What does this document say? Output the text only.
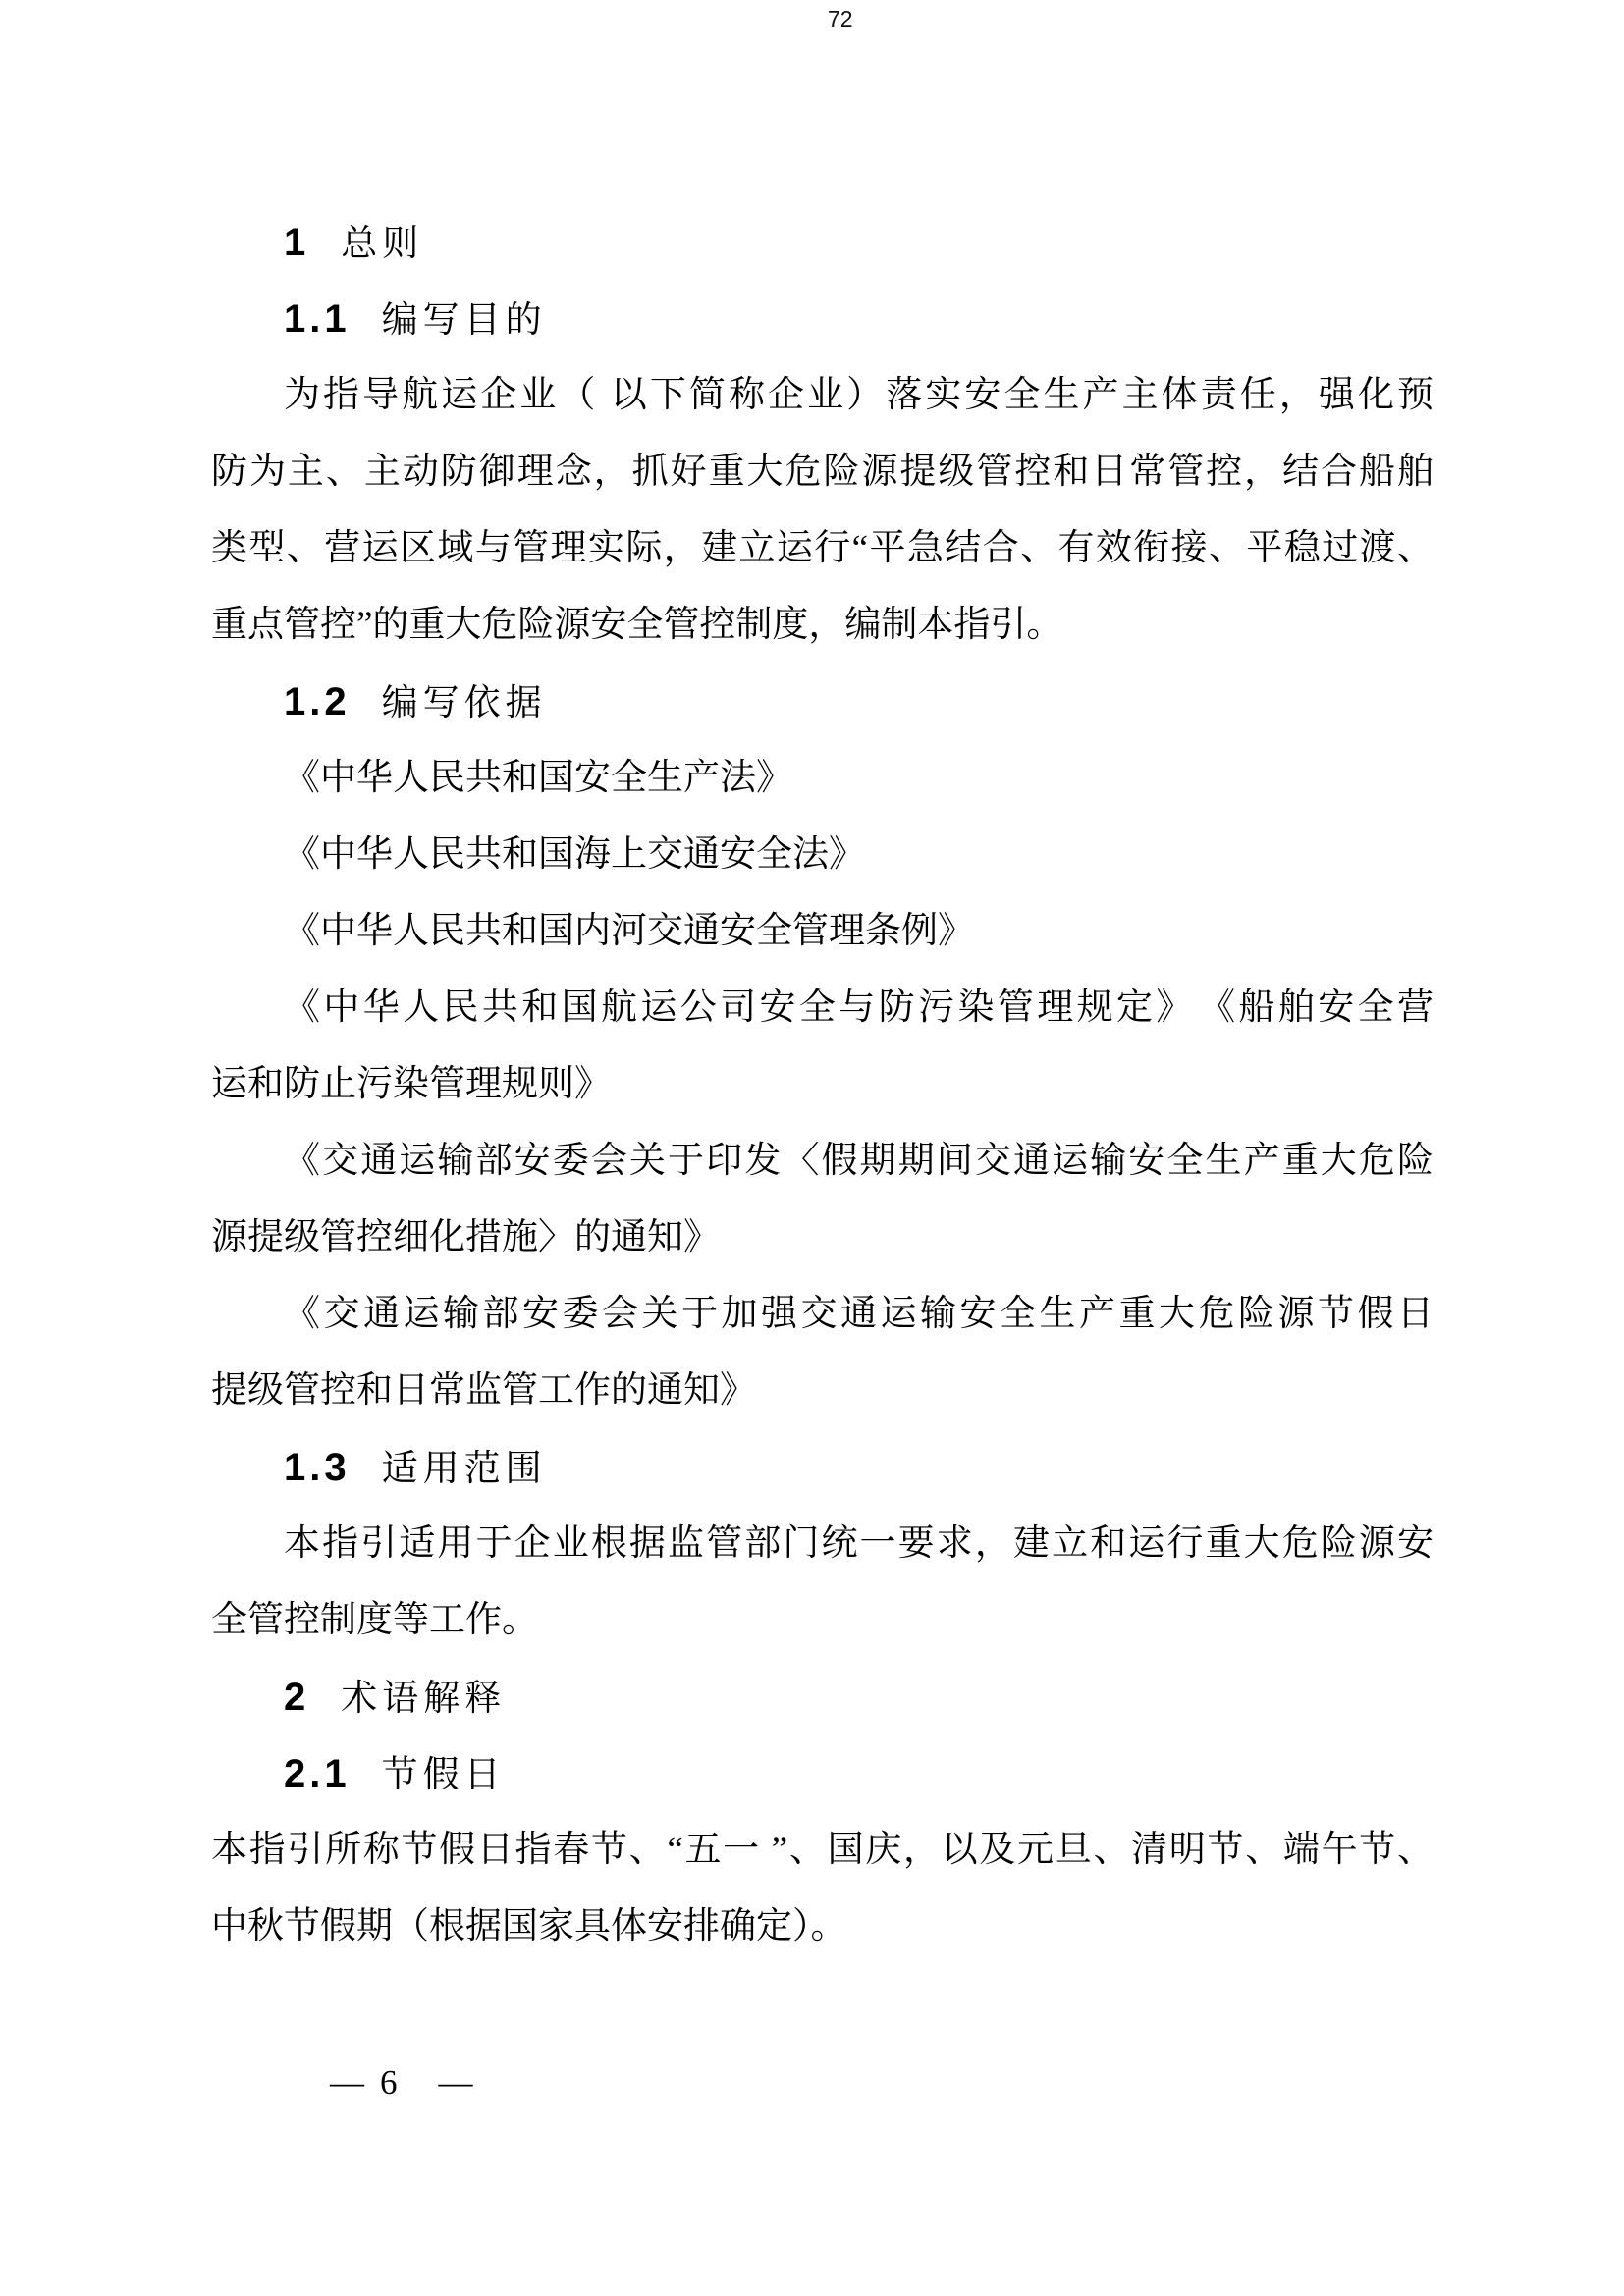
72
1 总则
1.1 编写目的
为指导航运企业（ 以下简称企业）落实安全生产主体责任，强化预
防为主、主动防御理念，抓好重大危险源提级管控和日常管控，结合船舶
类型、营运区域与管理实际，建立运行“平急结合、有效衔接、平稳过渡、
重点管控”的重大危险源安全管控制度，编制本指引。
1.2 编写依据
《中华人民共和国安全生产法》
《中华人民共和国海上交通安全法》
《中华人民共和国内河交通安全管理条例》
《中华人民共和国航运公司安全与防污染管理规定》　《船舶安全营
运和防止污染管理规则》
《交通运输部安委会关于印发〈假期期间交通运输安全生产重大危险
源提级管控细化措施〉的通知》
《交通运输部安委会关于加强交通运输安全生产重大危险源节假日
提级管控和日常监管工作的通知》
1.3 适用范围
本指引适用于企业根据监管部门统一要求，建立和运行重大危险源安
全管控制度等工作。
2 术语解释
2.1 节假日
本指引所称节假日指春节、“五一 ”、国庆，以及元旦、清明节、端午节、
中秋节假期（根据国家具体安排确定）。
— 6 —
